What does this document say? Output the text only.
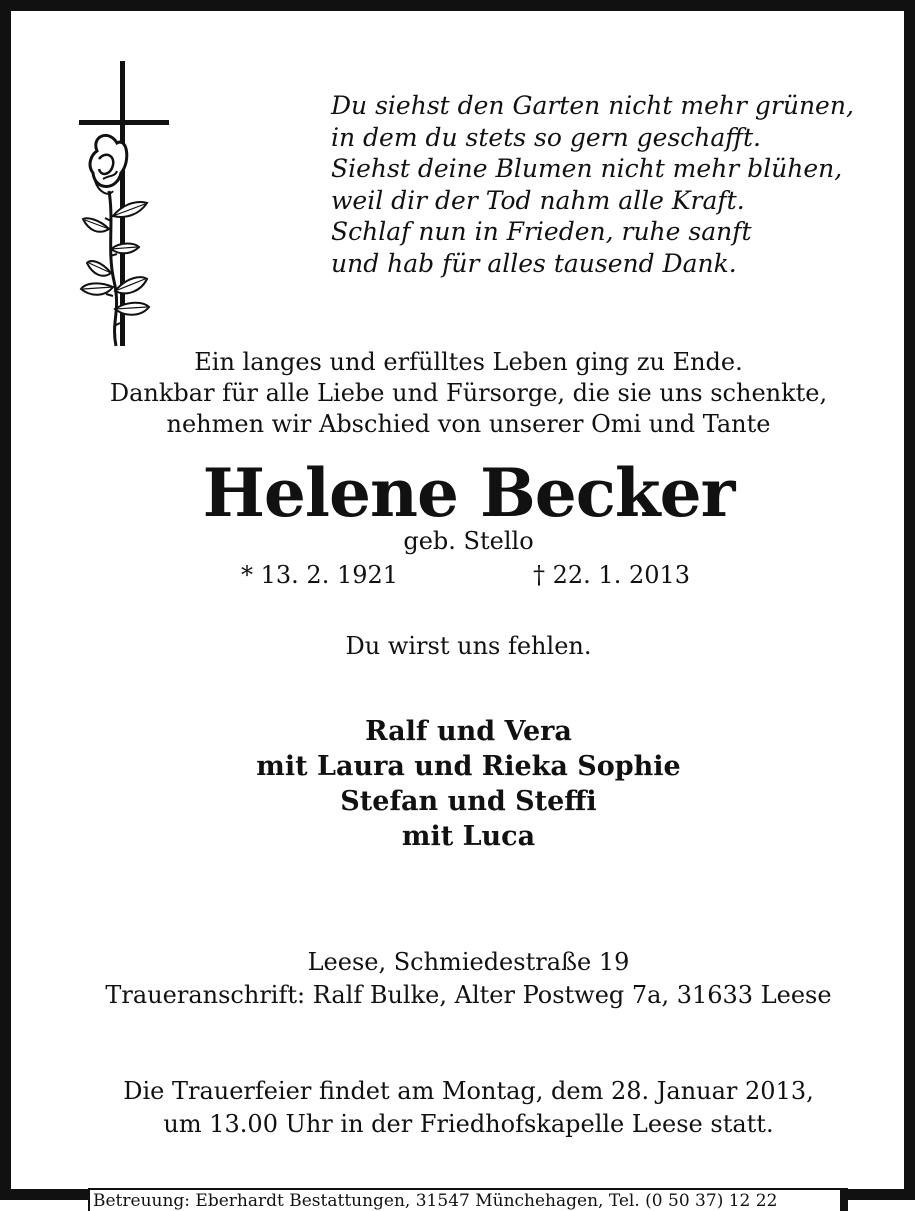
Du siehst den Garten nicht mehr grünen,
in dem du stets so gern geschafft.
Siehst deine Blumen nicht mehr blühen,
weil dir der Tod nahm alle Kraft.
Schlaf nun in Frieden, ruhe sanft
und hab für alles tausend Dank.
Ein langes und erfülltes Leben ging zu Ende.
Dankbar für alle Liebe und Fürsorge, die sie uns schenkte,
nehmen wir Abschied von unserer Omi und Tante
Helene Becker
geb. Stello
* 13. 2. 1921	† 22. 1. 2013
Du wirst uns fehlen.
Ralf und Vera
mit Laura und Rieka Sophie
Stefan und Steffi
mit Luca
Leese, Schmiedestraße 19
Traueranschrift: Ralf Bulke, Alter Postweg 7a, 31633 Leese
Die Trauerfeier findet am Montag, dem 28. Januar 2013,
um 13.00 Uhr in der Friedhofskapelle Leese statt.
Betreuung: Eberhardt Bestattungen, 31547 Münchehagen, Tel. (0 50 37) 12 22
